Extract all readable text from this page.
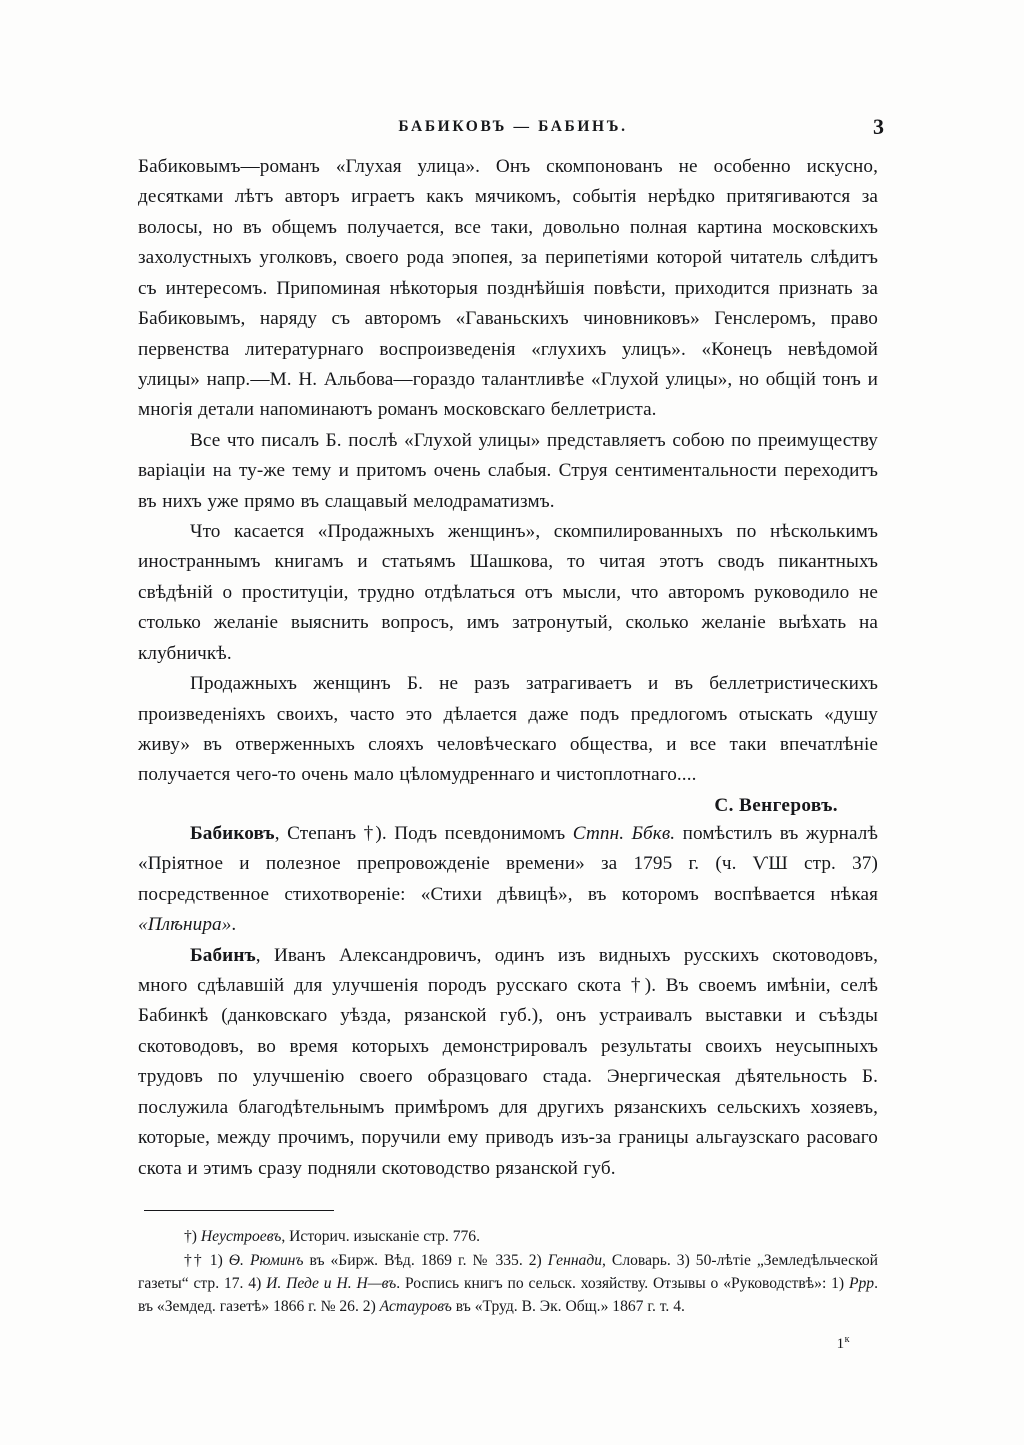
БАБИКОВЪ — БАБИНЪ.	3

Бабиковымъ—романъ «Глухая улица». Онъ скомпонованъ не особенно искусно, десятками лѣтъ авторъ играетъ какъ мячикомъ, событія нерѣдко притягиваются за волосы, но въ общемъ получается, все таки, довольно полная картина московскихъ захолустныхъ уголковъ, своего рода эпопея, за перипетіями которой читатель слѣдитъ съ интересомъ. Припоминая нѣкоторыя позднѣйшія повѣсти, приходится признать за Бабиковымъ, наряду съ авторомъ «Гаваньскихъ чиновниковъ» Генслеромъ, право первенства литературнаго воспроизведенія «глухихъ улицъ». «Конецъ невѣдомой улицы» напр.—М. Н. Альбова—гораздо талантливѣе «Глухой улицы», но общій тонъ и многія детали напоминаютъ романъ московскаго беллетриста.

Все что писалъ Б. послѣ «Глухой улицы» представляетъ собою по преимуществу варіаціи на ту-же тему и притомъ очень слабыя. Струя сентиментальности переходитъ въ нихъ уже прямо въ слащавый мелодраматизмъ.

Что касается «Продажныхъ женщинъ», скомпилированныхъ по нѣсколькимъ иностраннымъ книгамъ и статьямъ Шашкова, то читая этотъ сводъ пикантныхъ свѣдѣній о проституціи, трудно отдѣлаться отъ мысли, что авторомъ руководило не столько желаніе выяснить вопросъ, имъ затронутый, сколько желаніе выѣхать на клубничкѣ.

Продажныхъ женщинъ Б. не разъ затрагиваетъ и въ беллетристическихъ произведеніяхъ своихъ, часто это дѣлается даже подъ предлогомъ отыскать «душу живу» въ отверженныхъ слояхъ человѣческаго общества, и все таки впечатлѣніе получается чего-то очень мало цѣломудреннаго и чистоплотнаго....

С. Венгеровъ.

Бабиковъ, Степанъ †). Подъ псевдонимомъ Стпн. Ббкв. помѣстилъ въ журналѣ «Пріятное и полезное препровожденіе времени» за 1795 г. (ч. ѴШ стр. 37) посредственное стихотвореніе: «Стихи дѣвицѣ», въ которомъ воспѣвается нѣкая «Плѣнира».

Бабинъ, Иванъ Александровичъ, одинъ изъ видныхъ русскихъ скотоводовъ, много сдѣлавшій для улучшенія породъ русскаго скота †). Въ своемъ имѣніи, селѣ Бабинкѣ (данковскаго уѣзда, рязанской губ.), онъ устраивалъ выставки и съѣзды скотоводовъ, во время которыхъ демонстрировалъ результаты своихъ неусыпныхъ трудовъ по улучшенію своего образцоваго стада. Энергическая дѣятельность Б. послужила благодѣтельнымъ примѣромъ для другихъ рязанскихъ сельскихъ хозяевъ, которые, между прочимъ, поручили ему приводъ изъ-за границы альгаузскаго расоваго скота и этимъ сразу подняли скотоводство рязанской губ.

†) Неустроевъ, Историч. изысканіе стр. 776.

†† 1) Ѳ. Рюминъ въ «Бирж. Вѣд. 1869 г. № 335. 2) Геннади, Словарь. 3) 50-лѣтіе „Земледѣльческой газеты“ стр. 17. 4) И. Педе и Н. Н—въ. Роспись книгъ по сельск. хозяйству. Отзывы о «Руководствѣ»: 1) Ррр. въ «Земдед. газетѣ» 1866 г. № 26. 2) Астауровъ въ «Труд. В. Эк. Общ.» 1867 г. т. 4.

$1^к$
